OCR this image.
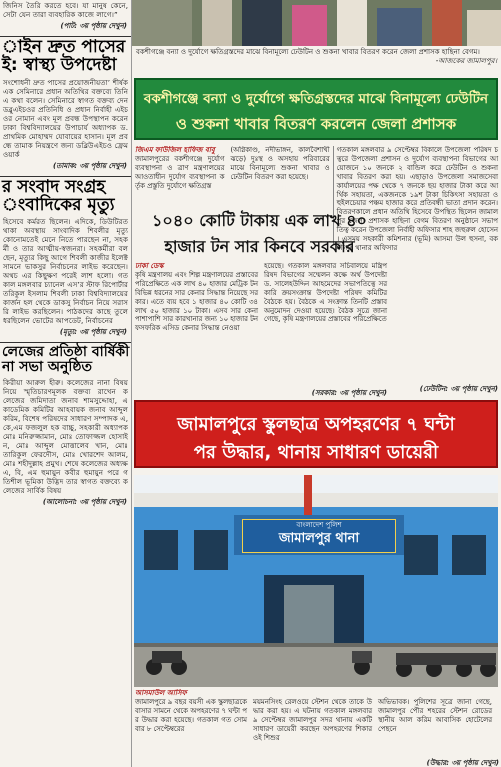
জিনিস তৈরি করতে হবে। যা মানুষ কেনে, সেটা যেন তারা ব্যবহারিক কাজে লাগে।”
(পাট: ৩য় পৃষ্ঠায় দেখুন)
াইন দ্রুত পাসের
ই: স্বাস্থ্য উপদেষ্টা
সংশোধনী দ্রুত পাসের প্রয়োজনীয়তা’ শীর্ষক এক সেমিনারে প্রধান অতিথির বক্তব্যে তিনি এ কথা বলেন। সেমিনারে স্বাগত বক্তব্য দেন ডব্লুএইচওর প্রতিনিধি ও প্রধান নির্বাহী এইচওর নোমান এবং মূল প্রবন্ধ উপস্থাপন করেন ঢাকা বিশ্ববিদ্যালয়ের উপাচার্য অধ্যাপক ড. প্রাথমিক মোহাম্মদ যোবায়ের হাসান। মূল প্রবন্ধে তামাক নিয়ন্ত্রণে জন্য ডব্লিউএইচও ফ্রেমওয়ার্ক
(তামাক: ৩য় পৃষ্ঠায় দেখুন)
র সংবাদ সংগ্রহ
ংবাদিকের মৃত্যু
হিসেবে কর্মরত ছিলেন। এদিকে, ডিউটিরত থাকা অবস্থায় সাংবাদিক শিবলীর মৃত্যু কোনোমতেই মেনে নিতে পারছেন না, সহকর্মী ও তার আত্মীয়-স্বজনরা। সহকর্মীরা বলছেন, মৃত্যুর কিছু আগে শিবলী কাজীর ইলেক্ট সামনে ভাকসুর নির্বাচনের লাইভ করেছেন। অথচ এর কিছুক্ষণ পরেই লাশ হলো। গতকাল মঙ্গলবার চ্যানেল এস’র স্টাফ রিপোর্টার তরিকুল ইসলাম শিবলী ঢাকা বিশ্ববিদ্যালয়ের কার্জন হল থেকে ডাকসু নির্বাচন নিয়ে সরাসরি লাইভ করছিলেন। পাঠকদের কাছে তুলে ধরছিলেন ভোটের আপডেট, নির্বাচনের
(মৃত্যু: ৩য় পৃষ্ঠায় দেখুন)
লেজের প্রতিষ্ঠা বার্ষিকী
না সভা অনুষ্ঠিত
কিরীয়া আরুল হীরু। কলেজের নানা বিষয় নিয়ে স্মৃতিচারণমূলক বক্তব্য রাখেন কলেজের জমিদাতা জনাব শামসুদ্দোহা, একাডেমিক কমিটির আহবায়ক জনাব আব্দুল করিম, বিশেষ পরিষদের সাধারণ সম্পাদক এ,কে,এম ফজলুল হক বাচ্চু, সহকারী অধ্যাপক মোঃ মনিরুজ্জামান, মোঃ তোফাজ্জল হোসাইন, মোঃ আব্দুল মোত্তালেব খান, মোঃ তারিকুল ফেরদৌস, মোঃ খোরশেদ আলম, মোঃ শহীদুল্লাহ প্রমুখ। শেষে কলেজের অধ্যক্ষ এ, বি, এম হুমায়ুন কবীর হুমায়ুন পরে গতিশীল ভূমিকা উদ্ভিদ তার স্বাগত বক্তব্যে কলেজের সার্বিক বিষয়
(আলোচনা: ৩য় পৃষ্ঠায় দেখুন)
বকশীগঞ্জে বন্যা ও দুর্যোগে ক্ষতিগ্রস্তদের মাঝে বিনামূল্যে ঢেউটিন ও শুকনা খাবার বিতরণ করেন জেলা প্রশাসক হাছিনা বেগম।
-আজকের জামালপুর।
বকশীগঞ্জে বন্যা ও দুর্যোগে ক্ষতিগ্রস্তদের মাঝে বিনামূল্যে ঢেউটিন
ও শুকনা খাবার বিতরণ করলেন জেলা প্রশাসক
জিএম ফাউজিল হাফিজ বাবু
জামালপুরের বকশীগঞ্জে দুর্যোগ ব্যবস্থাপনা ও ত্রাণ মন্ত্রণালয়ের আওতাধীন দুর্যোগ ব্যবস্থাপনা কর্তৃক প্রস্তুতি দুর্যোগে ক্ষতিগ্রস্ত
(অগ্নিকাণ্ড, নদীভাঙ্গন, কালবৈশাখী ঝড়ে) দুঃস্থ ও অসহায় পরিবারের মাঝে বিনামূল্যে শুকনা খাবার ও ঢেউটিন বিতরণ করা হয়েছে।
গতকাল মঙ্গলবার ৯ সেপ্টেম্বর বিকালে উপজেলা পরিষদ চত্বরে উপজেলা প্রশাসন ও দুর্যোগ ব্যবস্থাপনা বিভাগের আয়োজনে ১০ জনকে ২ বান্ডিল করে ঢেউটিন ও শুকনা খাবার বিতরণ করা হয়। এছাড়াও উপজেলা সমাজসেবা কার্যালয়ের পক্ষ থেকে ৭ জনকে ছয় হাজার টাকা করে আর্থিক সহায়তা, একজনকে ১৯শ টাকা চিকিৎসা সহায়তা ও হুইলচেয়ার পঞ্চম হাজার করে প্রতিবন্ধী ভাতা প্রদান করেন। বিতরণকালে প্রধান অতিথি হিসেবে উপস্থিত ছিলেন জামালপুর জেলা প্রশাসক হাছিনা বেগম বিতরণ অনুষ্ঠানে সভাপতিত্ব করেন উপজেলা নির্বাহী অফিসার শাহ জহুরুল হোসেন। এসময় সহকারী কমিশনার (ভূমি) আসমা উল হুসনা, বকশীগঞ্জ থানার অফিসার
(ঢেউটিন: ৩য় পৃষ্ঠায় দেখুন)
১০৪০ কোটি টাকায় এক লাখ ৪০
হাজার টন সার কিনবে সরকার
ঢাকা ডেস্ক
কৃষি মন্ত্রণালয় এবং শিল্প মন্ত্রণালয়ের প্রস্তাবের পরিপ্রেক্ষিতে এক লাখ ৪০ হাজার মেট্রিক টন বিভিন্ন ধরনের সার কেনার সিদ্ধান্ত নিয়েছে সরকার। এতে ব্যয় হবে ১ হাজার ৪০ কোটি ৩৪ লাখ ৫০ হাজার ১০ টাকা। এসব সার কেনা পাশাপাশি সার কারখানার জন্য ১০ হাজার টন ফসফরিক এসিড কেনার সিদ্ধান্ত নেওয়া
হয়েছে। গতকাল মঙ্গলবার সচিবালয়ে মন্ত্রিপরিষদ বিভাগের সম্মেলন কক্ষে অর্থ উপদেষ্টা ড. সালেহউদ্দিন আহমেদের সভাপতিত্বে সরকারি ক্রয়সংক্রান্ত উপদেষ্টা পরিষদ কমিটির বৈঠকে হয়। বৈঠকে এ সংক্রান্ত তিনটি প্রস্তাব অনুমোদন দেওয়া হয়েছে। বৈঠক সূত্রে জানা গেছে, কৃষি মন্ত্রণালয়ের প্রস্তাবের পরিপ্রেক্ষিতে
(সরকার: ৩য় পৃষ্ঠায় দেখুন)
জামালপুরে স্কুলছাত্র অপহরণের ৭ ঘন্টা
পর উদ্ধার, থানায় সাধারণ ডায়েরী
বাংলাদেশ পুলিশ
জামালপুর থানা
আসমাউল আসিফ
জামালপুরে ৯ বছর বয়সী এক স্কুলছাত্রকে বাসার সামনে থেকে অপহরণের ৭ ঘন্টা পর উদ্ধার করা হয়েছে। গতকাল গত সোমবার ৮ সেপ্টেম্বরের
ময়মনসিংহ রেলওয়ে স্টেশন থেকে তাকে উদ্ধার করা হয়। এ ঘটনায় গতকাল মঙ্গলবার ৯ সেপ্টেম্বর জামালপুর সদর থানায় একটি সাধারণ ডায়েরী করছেন অপহরণের শিকার ওই শিশুর
অভিভাবক। পুলিশের সূত্রে জানা গেছে, জামালপুর পৌর শহরের স্টেশন রোডের স্থানীয় আল করিম আবাসিক হোটেলের পেছনে
(উদ্ধার: ৩য় পৃষ্ঠায় দেখুন)
